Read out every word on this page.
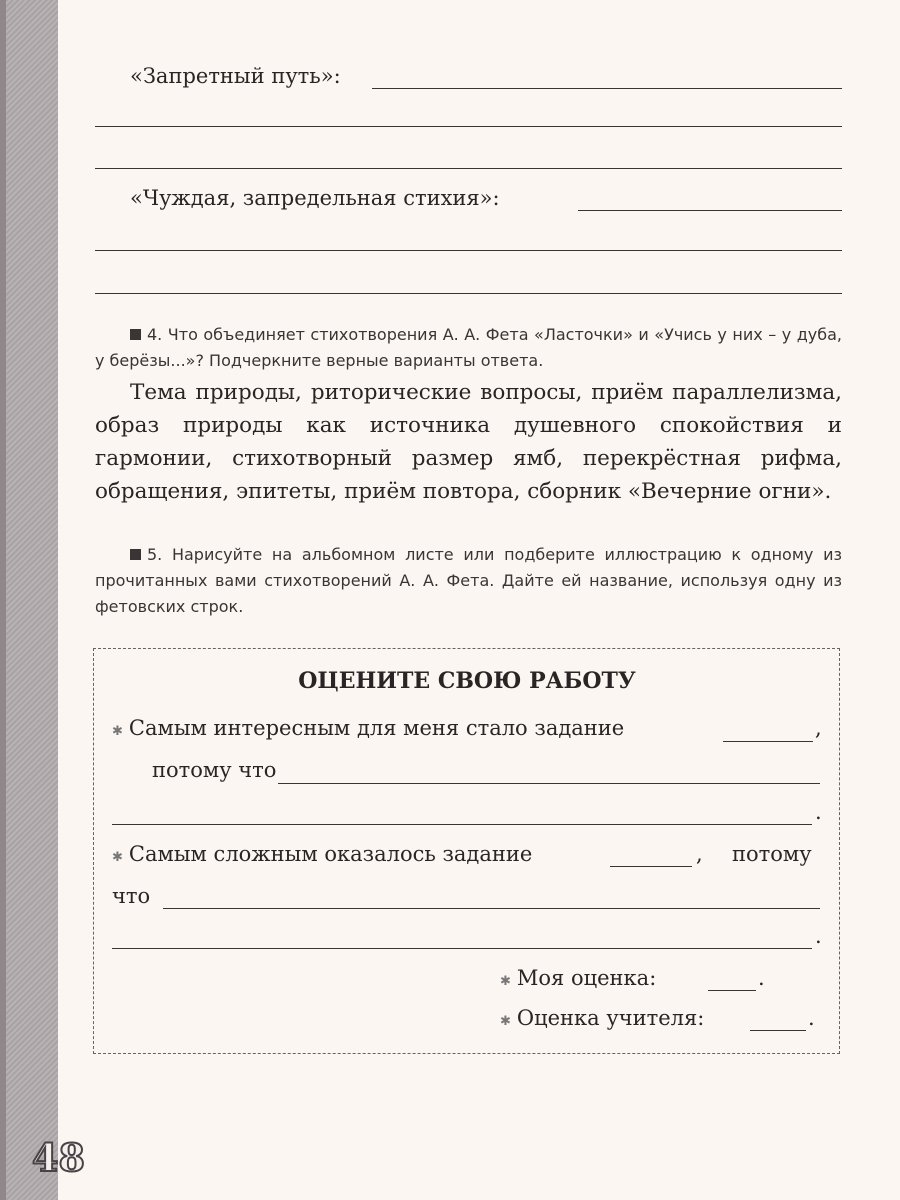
«Запретный путь»:
«Чуждая, запредельная стихия»:
4. Что объединяет стихотворения А. А. Фета «Ласточки» и «Учись у них – у дуба, у берёзы...»? Подчеркните верные варианты ответа.
Тема природы, риторические вопросы, приём параллелизма, образ природы как источника душевного спокойствия и гармонии, стихотворный размер ямб, перекрёстная рифма, обращения, эпитеты, приём повтора, сборник «Вечерние огни».
5. Нарисуйте на альбомном листе или подберите иллюстрацию к одному из прочитанных вами стихотворений А. А. Фета. Дайте ей название, используя одну из фетовских строк.
ОЦЕНИТЕ СВОЮ РАБОТУ
✱ Самым интересным для меня стало задание	,
потому что
.
✱ Самым сложным оказалось задание	, потому
что
.
✱ Моя оценка:	.
✱ Оценка учителя:	.
48
